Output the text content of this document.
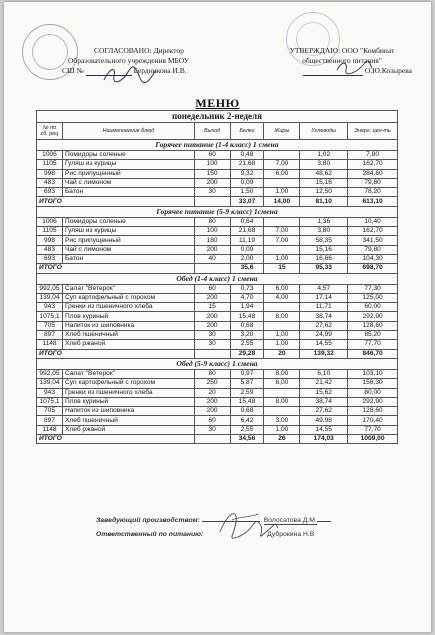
СОГЛАСОВАНО: Директор
Образовательного учреждения МБОУ
СШ №	Бердникова И.В.
УТВЕРЖДАЮ: ООО "Комбинат
общественного питания"
О.Ю.Козырева
МЕНЮ
понедельник 2-неделя						
№ по сб. рец	Наименование блюд	Выход	Белки	Жиры	Углеводы	Энерг. цен-ть
Горячее питание (1-4 класс) 1 смена						
1006	Помидоры соленые	60	0,48		1,02	7,80
1105	Гуляш из курицы	100	21,68	7,00	3,80	162,70
998	Рис припущенный	150	9,32	6,00	48,62	284,60
483	Чай с лимоном	200	0,09		15,16	79,80
693	Батон	30	1,50	1,00	12,50	78,20
ИТОГО			33,07	14,00	81,10	613,10
Горячее питание (5-9 класс) 1смена						
1006	Помидоры соленые	80	0,64		1,36	10,40
1105	Гуляш из курицы	100	21,68	7,00	3,80	162,70
998	Рис припущенный	180	11,19	7,00	58,35	341,50
483	Чай с лимоном	200	0,09		15,16	79,80
693	Батон	40	2,00	1,00	16,66	104,30
ИТОГО			35,6	15	95,33	698,70
Обед (1-4 класс) 1 смена						
992,05	Салат "Ветерок"	60	0,73	6,00	4,57	77,30
139,04	Суп картофельный с горохом	200	4,70	4,00	17,14	125,00
943	Гренки из пшеничного хлеба	15	1,94		11,71	60,00
1075,1	Плов куриный	200	15,48	8,00	38,74	292,90
705	Напиток из шиповника	200	0,68		27,62	128,60
897	Хлеб пшеничный	30	3,20	1,00	24,99	85,20
1148	Хлеб ржаной	30	2,55	1,00	14,55	77,70
ИТОГО			29,28	20	139,32	846,70
Обед (5-9 класс) 1 смена						
992,05	Салат "Ветерок"	80	0,97	8,00	6,10	103,10
139,04	Суп картофельный с горохом	250	5,87	6,00	21,42	156,30
943	Гренки из пшеничного хлеба	20	2,59		15,62	80,00
1075,1	Плов куриный	200	15,48	8,00	38,74	292,90
705	Напиток из шиповника	200	0,68		27,62	128,60
897	Хлеб пшеничный	60	6,42	3,00	49,98	170,40
1148	Хлеб ржаной	30	2,55	1,00	14,55	77,70
ИТОГО			34,56	26	174,03	1009,00
Заведующий производством:	Волосатова Д.М.
Ответственный по питанию:	Дуброкина Н.В
